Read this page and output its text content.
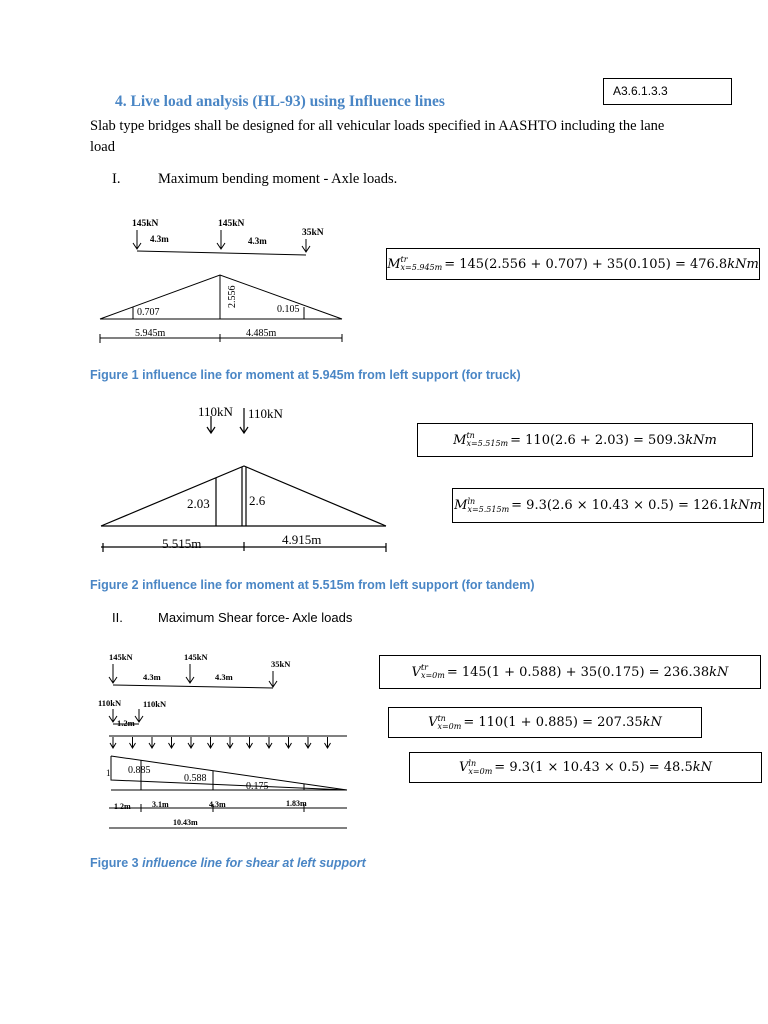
A3.6.1.3.3
4. Live load analysis (HL-93) using Influence lines
Slab type bridges shall be designed for all vehicular loads specified in AASHTO including the lane load
I.	Maximum bending moment - Axle loads.
145kN	145kN
35kN
4.3m	4.3m
0.707
2.556
0.105
5.945m	4.485m
M tr
x=5.945m = 145(2.556 + 0.707) + 35(0.105) = 476.8 kNm
Figure 1 influence line for moment at 5.945m from left support (for truck)
110kN 110kN
2.03	2.6
5.515m	4.915m
M tn
x=5.515m = 110(2.6 + 2.03) = 509.3 kNm
M ln
x=5.515m = 9.3(2.6 × 10.43 × 0.5) = 126.1 kNm
Figure 2 influence line for moment at 5.515m from left support (for tandem)
II.	Maximum Shear force- Axle loads
145kN	145kN
35kN
4.3m	4.3m
110kN	110kN
1.2m
1 0.885
0.588
0.175
1.2m	3.1m	4.3m	1.83m
10.43m
V tr
x=0m = 145(1 + 0.588) + 35(0.175) = 236.38 kN
V tn
x=0m = 110(1 + 0.885) = 207.35 kN
V ln
x=0m = 9.3(1 × 10.43 × 0.5) = 48.5 kN
Figure 3 influence line for shear at left support
